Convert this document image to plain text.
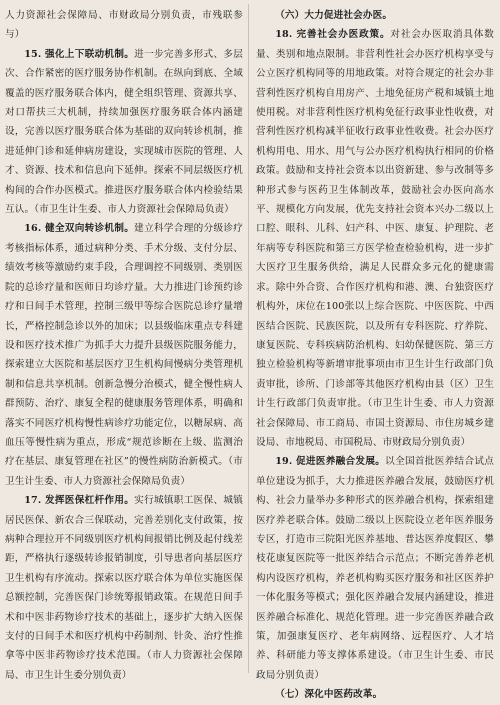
人力资源社会保障局、市财政局分别负责，市残联参与）

15. 强化上下联动机制。进一步完善多形式、多层次、合作紧密的医疗服务协作机制。在纵向到底、全域覆盖的医疗服务联合体内，健全组织管理、资源共享、对口帮扶三大机制，持续加强医疗服务联合体内涵建设，完善以医疗服务联合体为基础的双向转诊机制，推进延伸门诊和延伸病房建设，实现城市医院的管理、人才、资源、技术和信息向下延伸。探索不同层级医疗机构间的合作办医模式。推进医疗服务联合体内检验结果互认。（市卫生计生委、市人力资源社会保障局负责）

16. 健全双向转诊机制。建立科学合理的分级诊疗考核指标体系，通过病种分类、手术分级、支付分层、绩效考核等激励约束手段，合理调控不同级别、类别医院的总诊疗量和医师日均诊疗量。大力推进门诊预约诊疗和日间手术管理，控制三级甲等综合医院总诊疗量增长，严格控制急诊以外的加床；以县级临床重点专科建设和医疗技术推广为抓手大力提升县级医院服务能力，探索建立大医院和基层医疗卫生机构间慢病分类管理机制和信息共享机制。创新急慢分治模式，健全慢性病人群预防、治疗、康复全程的健康服务管理体系，明确和落实不同医疗机构慢性病诊疗功能定位，以糖尿病、高血压等慢性病为重点，形成“规范诊断在上级、监测治疗在基层、康复管理在社区”的慢性病防治新模式。（市卫生计生委、市人力资源社会保障局负责）

17. 发挥医保杠杆作用。实行城镇职工医保、城镇居民医保、新农合三保联动，完善差别化支付政策，按病种合理拉开不同级别医疗机构间报销比例及起付线差距，严格执行逐级转诊报销制度，引导患者向基层医疗卫生机构有序流动。探索以医疗联合体为单位实施医保总额控制，完善医保门诊统筹报销政策。在规范日间手术和中医非药物诊疗技术的基础上，逐步扩大纳入医保支付的日间手术和医疗机构中药制剂、针灸、治疗性推拿等中医非药物诊疗技术范围。（市人力资源社会保障局、市卫生计生委分别负责）

（六）大力促进社会办医。

18. 完善社会办医政策。对社会办医取消具体数量、类别和地点限制。非营利性社会办医疗机构享受与公立医疗机构同等的用地政策。对符合规定的社会办非营利性医疗机构自用房产、土地免征房产税和城镇土地使用税。对非营利性医疗机构免征行政事业性收费，对营利性医疗机构减半征收行政事业性收费。社会办医疗机构用电、用水、用气与公办医疗机构执行相同的价格政策。鼓励和支持社会资本以出资新建、参与改制等多种形式参与医药卫生体制改革，鼓励社会办医向高水平、规模化方向发展，优先支持社会资本兴办二级以上口腔、眼科、儿科、妇产科、中医、康复、护理院、老年病等专科医院和第三方医学检查检验机构，进一步扩大医疗卫生服务供给，满足人民群众多元化的健康需求。除中外合资、合作医疗机构和港、澳、台独资医疗机构外，床位在100张以上综合医院、中医医院、中西医结合医院、民族医院，以及所有专科医院、疗养院、康复医院、专科疾病防治机构、妇幼保健医院、第三方独立检验机构等新增审批事项由市卫生计生行政部门负责审批，诊所、门诊部等其他医疗机构由县（区）卫生计生行政部门负责审批。（市卫生计生委、市人力资源社会保障局、市工商局、市国土资源局、市住房城乡建设局、市地税局、市国税局、市财政局分别负责）

19. 促进医养融合发展。以全国首批医养结合试点单位建设为抓手，大力推进医养融合发展，鼓励医疗机构、社会力量举办多种形式的医养融合机构，探索组建医疗养老联合体。鼓励二级以上医院设立老年医养服务专区，打造市三院阳光医养基地、普达医养度假区、攀枝花康复医院等一批医养结合示范点；不断完善养老机构内设医疗机构，养老机构购买医疗服务和社区医养护一体化服务等模式；强化医养融合发展内涵建设，推进医养融合标准化、规范化管理。进一步完善医养融合政策，加强康复医疗、老年病网络、远程医疗、人才培养、科研能力等支撑体系建设。（市卫生计生委、市民政局分别负责）

（七）深化中医药改革。
